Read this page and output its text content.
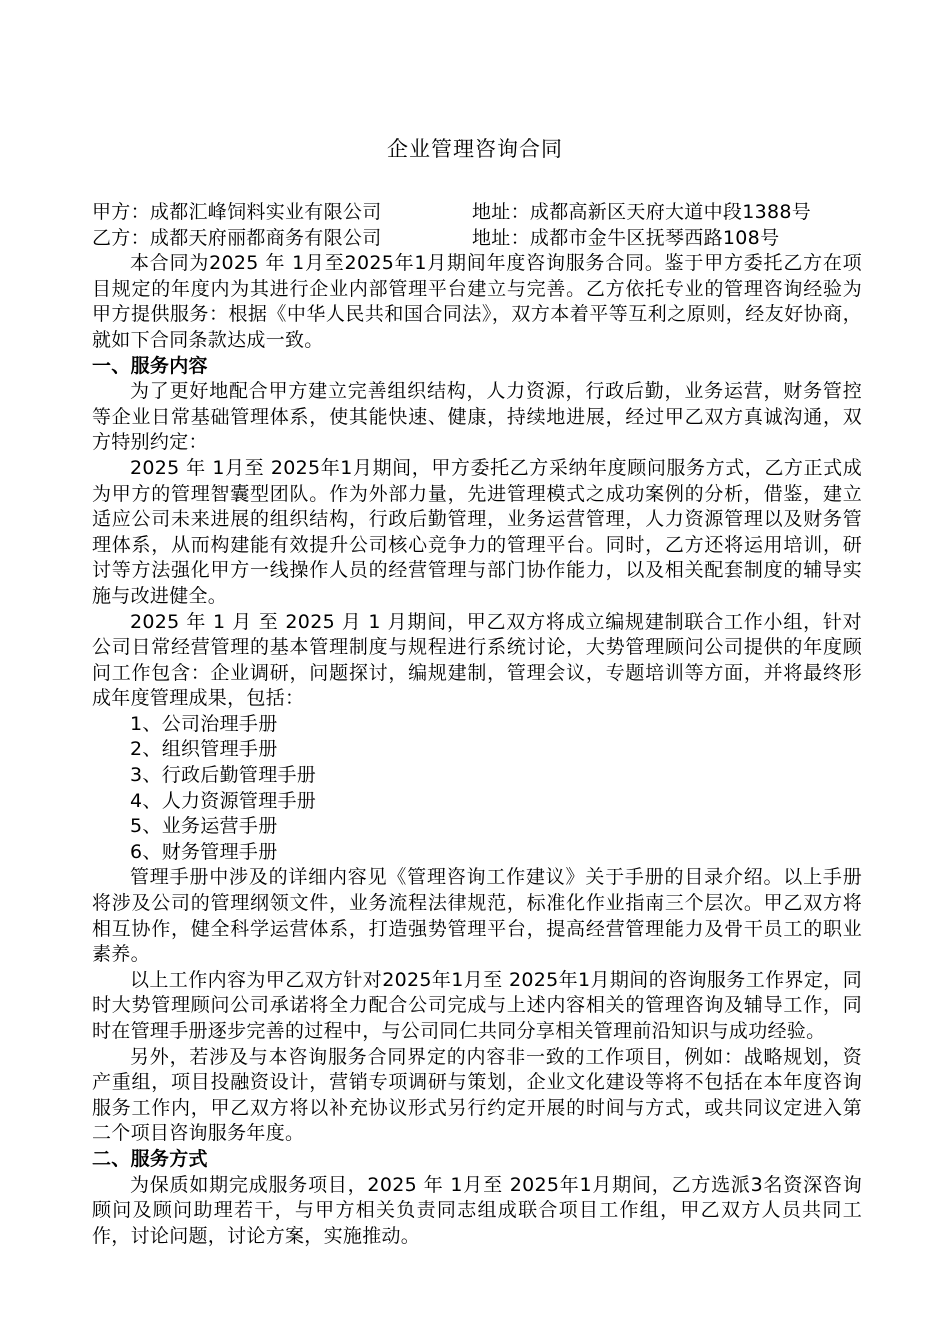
企业管理咨询合同
甲方：成都汇峰饲料实业有限公司	地址：成都高新区天府大道中段1388号
乙方：成都天府丽都商务有限公司	地址：成都市金牛区抚琴西路108号

本合同为2025 年 1月至2025年1月期间年度咨询服务合同。鉴于甲方委托乙方在项目规定的年度内为其进行企业内部管理平台建立与完善。乙方依托专业的管理咨询经验为甲方提供服务：根据《中华人民共和国合同法》，双方本着平等互利之原则，经友好协商，就如下合同条款达成一致。

一、服务内容

为了更好地配合甲方建立完善组织结构，人力资源，行政后勤，业务运营，财务管控等企业日常基础管理体系，使其能快速、健康，持续地进展，经过甲乙双方真诚沟通，双方特别约定：

2025 年 1月至 2025年1月期间，甲方委托乙方采纳年度顾问服务方式，乙方正式成为甲方的管理智囊型团队。作为外部力量，先进管理模式之成功案例的分析，借鉴，建立适应公司未来进展的组织结构，行政后勤管理，业务运营管理，人力资源管理以及财务管理体系，从而构建能有效提升公司核心竞争力的管理平台。同时，乙方还将运用培训，研讨等方法强化甲方一线操作人员的经营管理与部门协作能力，以及相关配套制度的辅导实施与改进健全。

2025 年 1 月 至 2025 月 1 月期间，甲乙双方将成立编规建制联合工作小组，针对公司日常经营管理的基本管理制度与规程进行系统讨论，大势管理顾问公司提供的年度顾问工作包含：企业调研，问题探讨，编规建制，管理会议，专题培训等方面，并将最终形成年度管理成果，包括：

1、公司治理手册

2、组织管理手册

3、行政后勤管理手册

4、人力资源管理手册

5、业务运营手册

6、财务管理手册

管理手册中涉及的详细内容见《管理咨询工作建议》关于手册的目录介绍。以上手册将涉及公司的管理纲领文件，业务流程法律规范，标准化作业指南三个层次。甲乙双方将相互协作，健全科学运营体系，打造强势管理平台，提高经营管理能力及骨干员工的职业素养。

以上工作内容为甲乙双方针对2025年1月至 2025年1月期间的咨询服务工作界定，同时大势管理顾问公司承诺将全力配合公司完成与上述内容相关的管理咨询及辅导工作，同时在管理手册逐步完善的过程中，与公司同仁共同分享相关管理前沿知识与成功经验。

另外，若涉及与本咨询服务合同界定的内容非一致的工作项目，例如：战略规划，资产重组，项目投融资设计，营销专项调研与策划，企业文化建设等将不包括在本年度咨询服务工作内，甲乙双方将以补充协议形式另行约定开展的时间与方式，或共同议定进入第二个项目咨询服务年度。

二、服务方式

为保质如期完成服务项目，2025 年 1月至 2025年1月期间，乙方选派3名资深咨询顾问及顾问助理若干，与甲方相关负责同志组成联合项目工作组，甲乙双方人员共同工作，讨论问题，讨论方案，实施推动。
